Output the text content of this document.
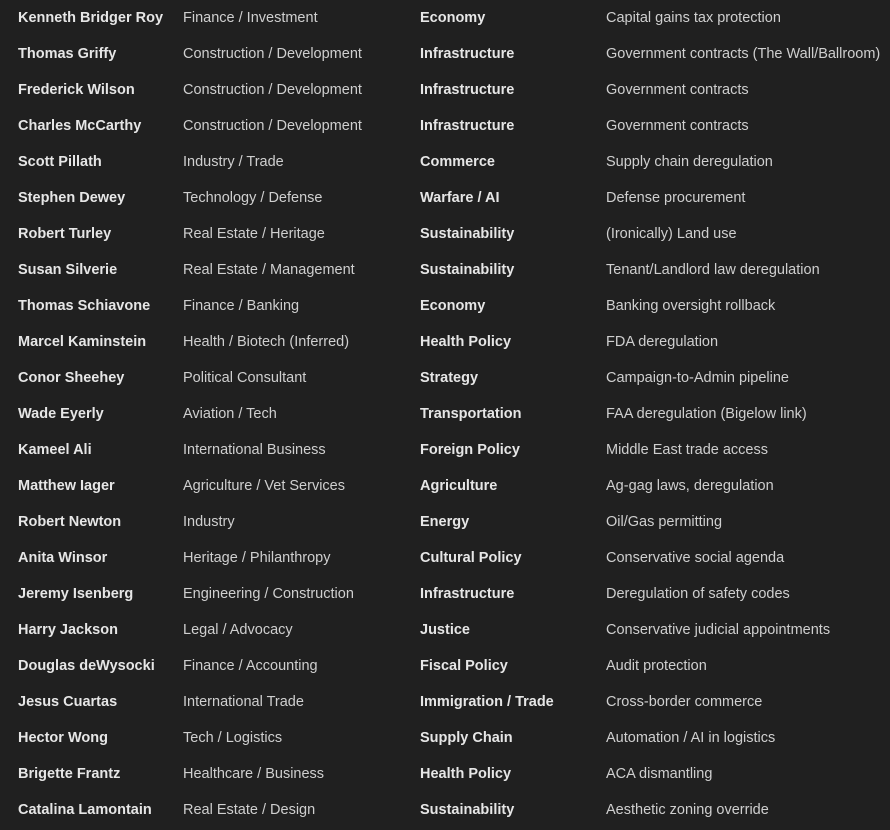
Kenneth Bridger Roy	Finance / Investment	Economy	Capital gains tax protection
Thomas Griffy	Construction / Development	Infrastructure	Government contracts (The Wall/Ballroom)
Frederick Wilson	Construction / Development	Infrastructure	Government contracts
Charles McCarthy	Construction / Development	Infrastructure	Government contracts
Scott Pillath	Industry / Trade	Commerce	Supply chain deregulation
Stephen Dewey	Technology / Defense	Warfare / AI	Defense procurement
Robert Turley	Real Estate / Heritage	Sustainability	(Ironically) Land use
Susan Silverie	Real Estate / Management	Sustainability	Tenant/Landlord law deregulation
Thomas Schiavone	Finance / Banking	Economy	Banking oversight rollback
Marcel Kaminstein	Health / Biotech (Inferred)	Health Policy	FDA deregulation
Conor Sheehey	Political Consultant	Strategy	Campaign-to-Admin pipeline
Wade Eyerly	Aviation / Tech	Transportation	FAA deregulation (Bigelow link)
Kameel Ali	International Business	Foreign Policy	Middle East trade access
Matthew Iager	Agriculture / Vet Services	Agriculture	Ag-gag laws, deregulation
Robert Newton	Industry	Energy	Oil/Gas permitting
Anita Winsor	Heritage / Philanthropy	Cultural Policy	Conservative social agenda
Jeremy Isenberg	Engineering / Construction	Infrastructure	Deregulation of safety codes
Harry Jackson	Legal / Advocacy	Justice	Conservative judicial appointments
Douglas deWysocki	Finance / Accounting	Fiscal Policy	Audit protection
Jesus Cuartas	International Trade	Immigration / Trade	Cross-border commerce
Hector Wong	Tech / Logistics	Supply Chain	Automation / AI in logistics
Brigette Frantz	Healthcare / Business	Health Policy	ACA dismantling
Catalina Lamontain	Real Estate / Design	Sustainability	Aesthetic zoning override
